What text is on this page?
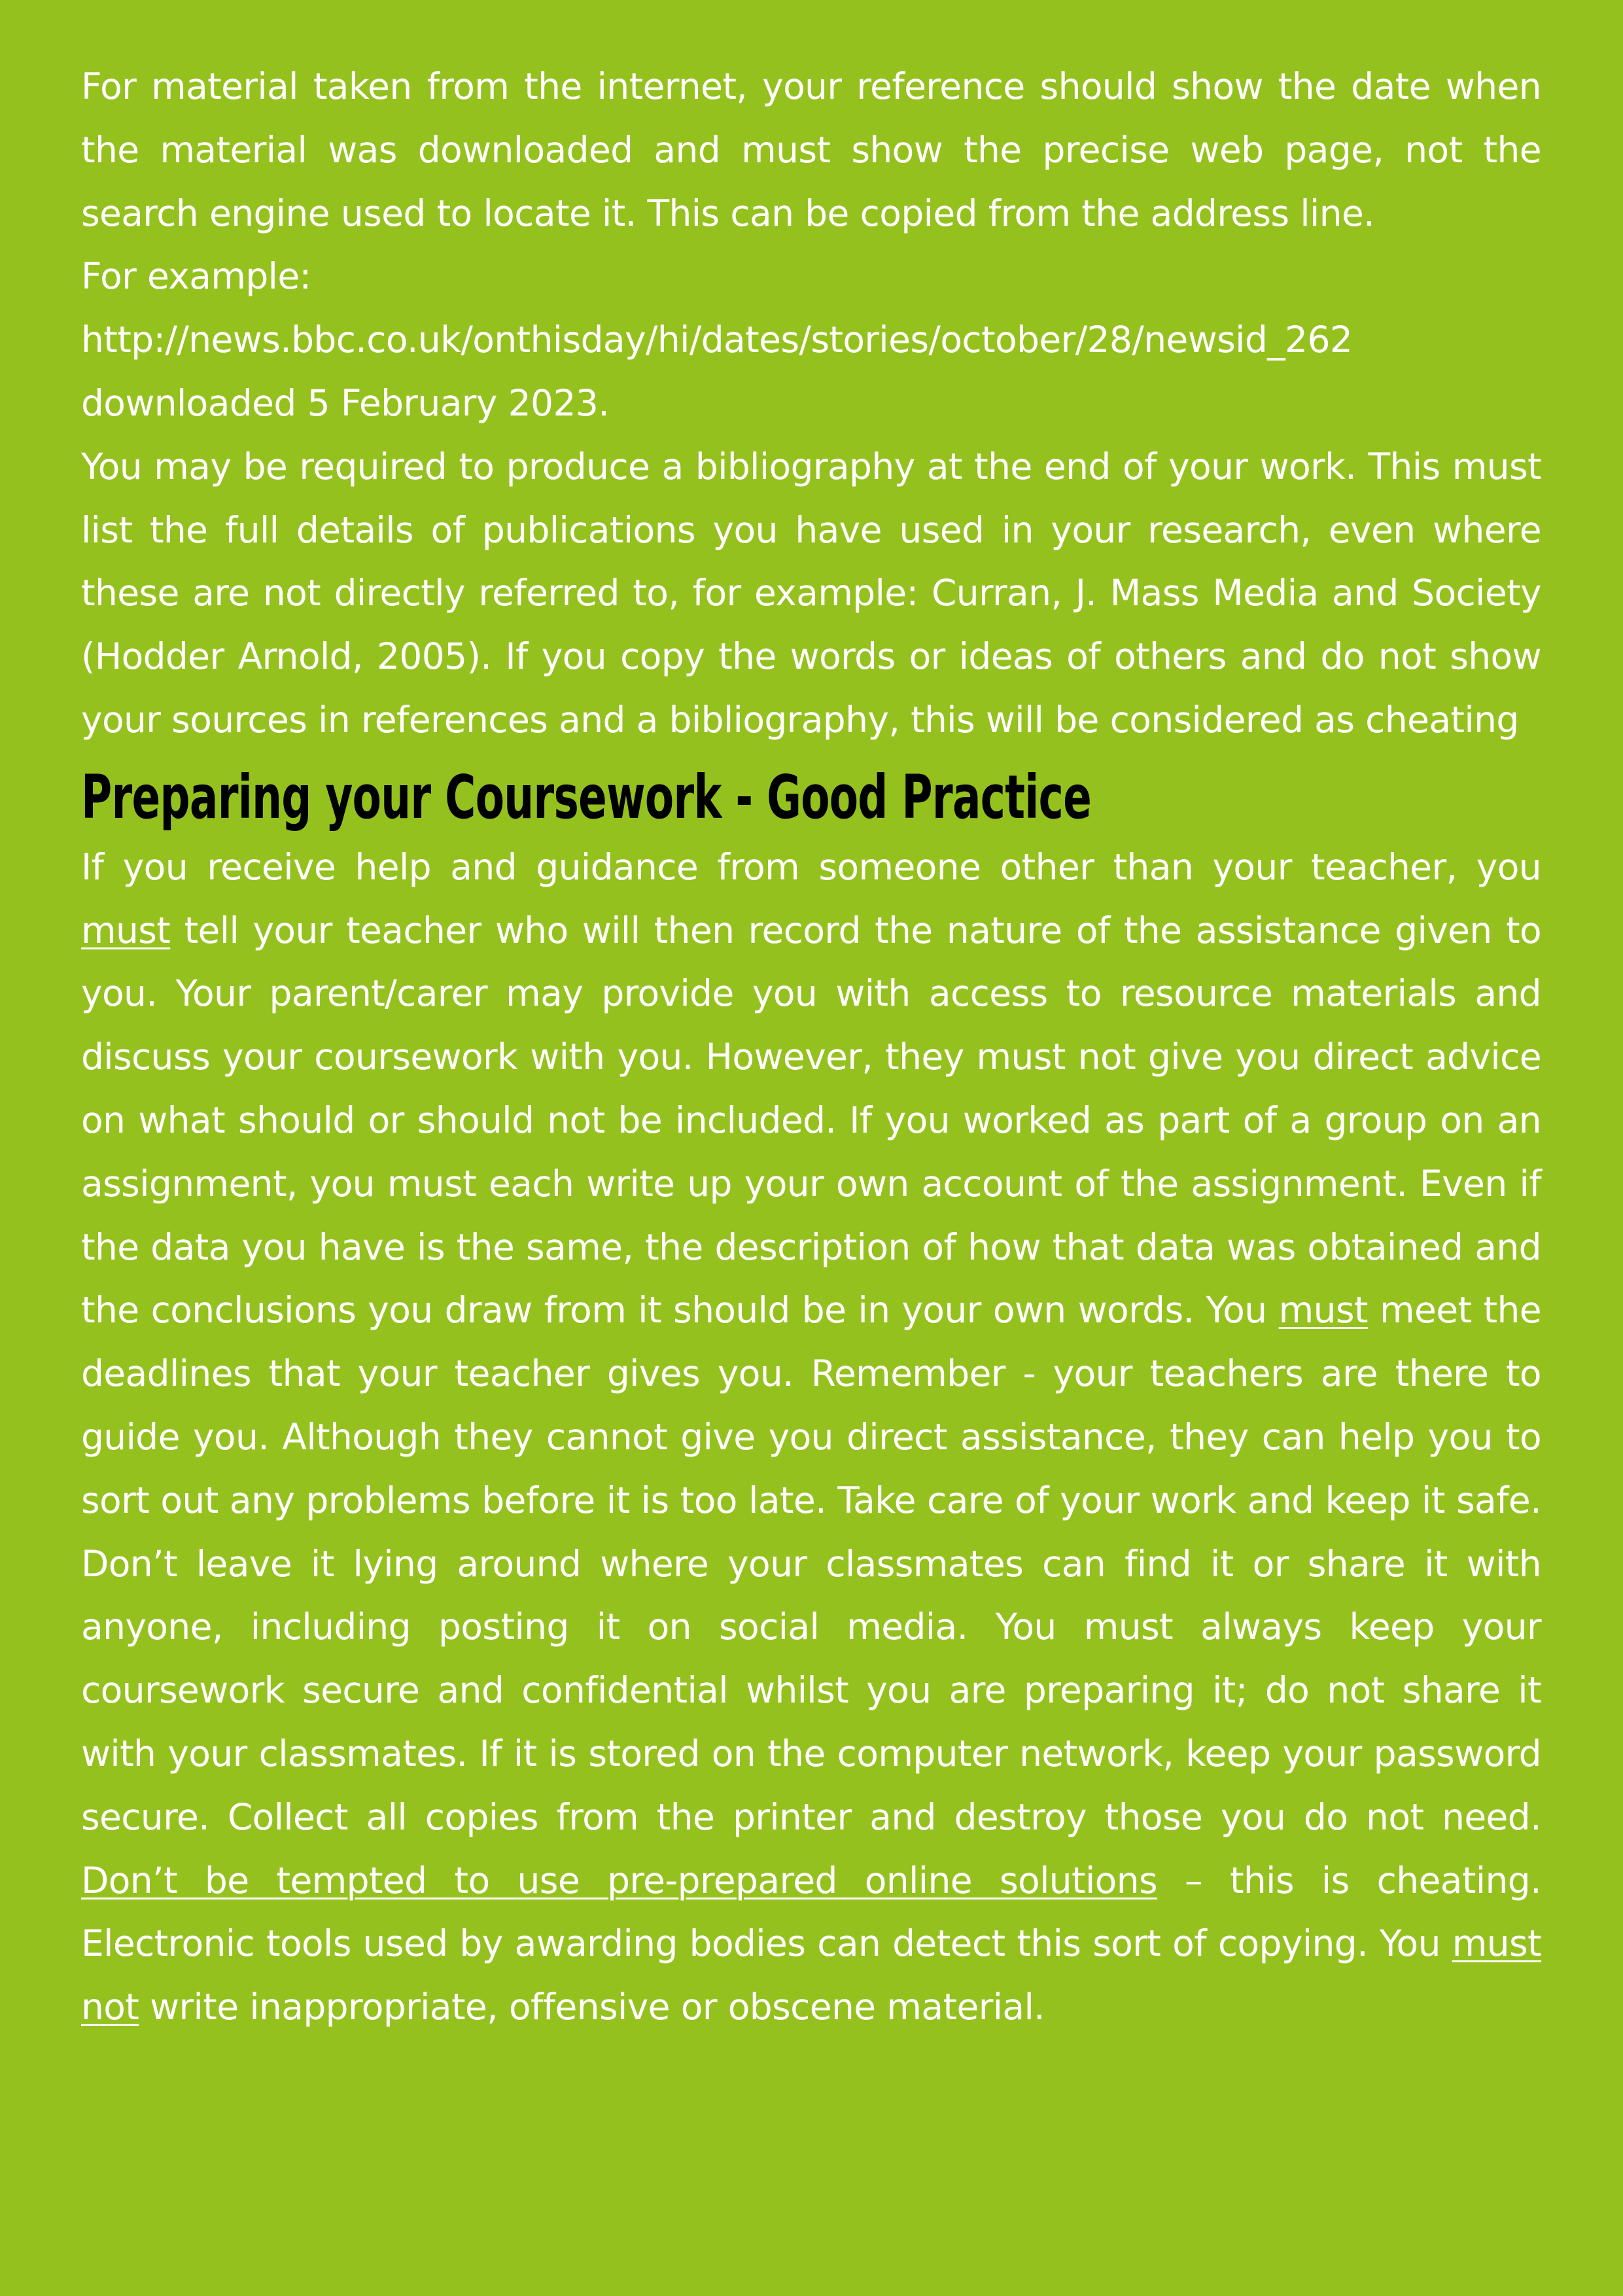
For material taken from the internet, your reference should show the date when the material was downloaded and must show the precise web page, not the search engine used to locate it. This can be copied from the address line.

For example:

http://news.bbc.co.uk/onthisday/hi/dates/stories/october/28/newsid_262

downloaded 5 February 2023.

You may be required to produce a bibliography at the end of your work. This must list the full details of publications you have used in your research, even where these are not directly referred to, for example: Curran, J. Mass Media and Society (Hodder Arnold, 2005). If you copy the words or ideas of others and do not show your sources in references and a bibliography, this will be considered as cheating

Preparing your Coursework - Good Practice

If you receive help and guidance from someone other than your teacher, you must tell your teacher who will then record the nature of the assistance given to you. Your parent/carer may provide you with access to resource materials and discuss your coursework with you. However, they must not give you direct advice on what should or should not be included. If you worked as part of a group on an assignment, you must each write up your own account of the assignment. Even if the data you have is the same, the description of how that data was obtained and the conclusions you draw from it should be in your own words. You must meet the deadlines that your teacher gives you. Remember - your teachers are there to guide you. Although they cannot give you direct assistance, they can help you to sort out any problems before it is too late. Take care of your work and keep it safe. Don’t leave it lying around where your classmates can find it or share it with anyone, including posting it on social media. You must always keep your coursework secure and confidential whilst you are preparing it; do not share it with your classmates. If it is stored on the computer network, keep your password secure. Collect all copies from the printer and destroy those you do not need. Don’t be tempted to use pre-prepared online solutions – this is cheating. Electronic tools used by awarding bodies can detect this sort of copying. You must not write inappropriate, offensive or obscene material.
